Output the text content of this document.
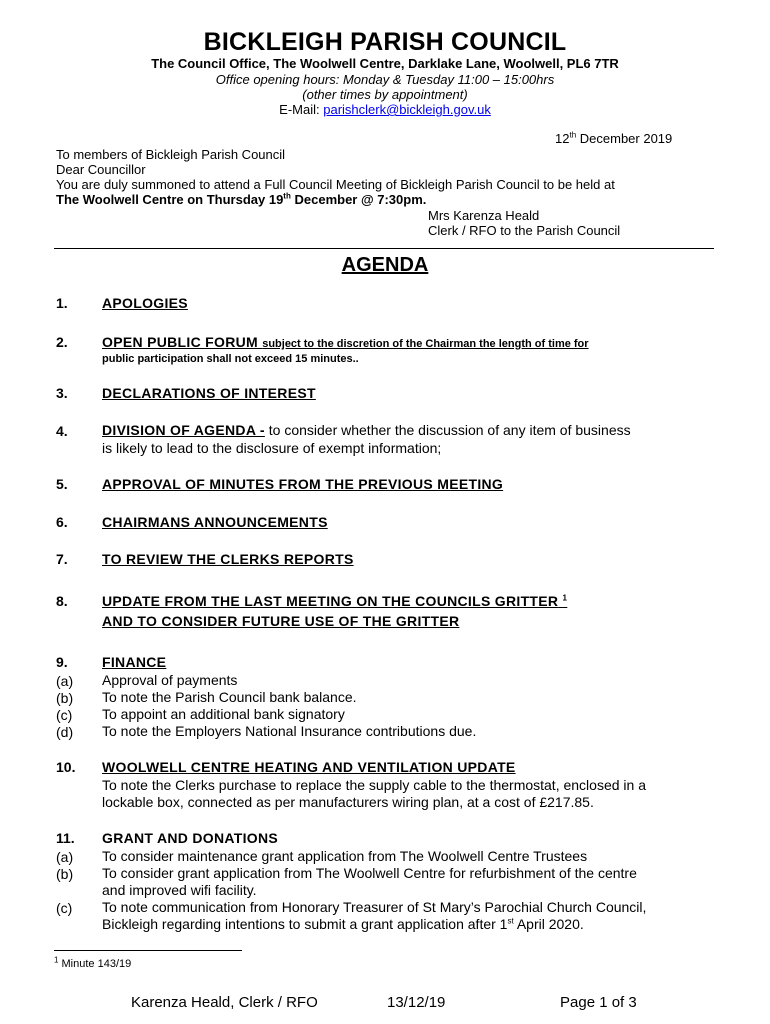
BICKLEIGH PARISH COUNCIL
The Council Office, The Woolwell Centre, Darklake Lane, Woolwell, PL6 7TR
Office opening hours: Monday & Tuesday 11:00 – 15:00hrs
(other times by appointment)
E-Mail: parishclerk@bickleigh.gov.uk
12th December 2019
To members of Bickleigh Parish Council
Dear Councillor
You are duly summoned to attend a Full Council Meeting of Bickleigh Parish Council to be held at
The Woolwell Centre on Thursday 19th December @ 7:30pm.
Mrs Karenza Heald
Clerk / RFO to the Parish Council
AGENDA
1. APOLOGIES
2. OPEN PUBLIC FORUM subject to the discretion of the Chairman the length of time for
public participation shall not exceed 15 minutes..
3. DECLARATIONS OF INTEREST
4. DIVISION OF AGENDA - to consider whether the discussion of any item of business
is likely to lead to the disclosure of exempt information;
5. APPROVAL OF MINUTES FROM THE PREVIOUS MEETING
6. CHAIRMANS ANNOUNCEMENTS
7. TO REVIEW THE CLERKS REPORTS
8. UPDATE FROM THE LAST MEETING ON THE COUNCILS GRITTER $^1$
AND TO CONSIDER FUTURE USE OF THE GRITTER
9. FINANCE
(a) Approval of payments
(b) To note the Parish Council bank balance.
(c) To appoint an additional bank signatory
(d) To note the Employers National Insurance contributions due.
10. WOOLWELL CENTRE HEATING AND VENTILATION UPDATE
To note the Clerks purchase to replace the supply cable to the thermostat, enclosed in a
lockable box, connected as per manufacturers wiring plan, at a cost of £217.85.
11. GRANT AND DONATIONS
(a) To consider maintenance grant application from The Woolwell Centre Trustees
(b) To consider grant application from The Woolwell Centre for refurbishment of the centre
and improved wifi facility.
(c) To note communication from Honorary Treasurer of St Mary’s Parochial Church Council,
Bickleigh regarding intentions to submit a grant application after 1st April 2020.
$^1$ Minute 143/19
Karenza Heald, Clerk / RFO	13/12/19	Page 1 of 3
